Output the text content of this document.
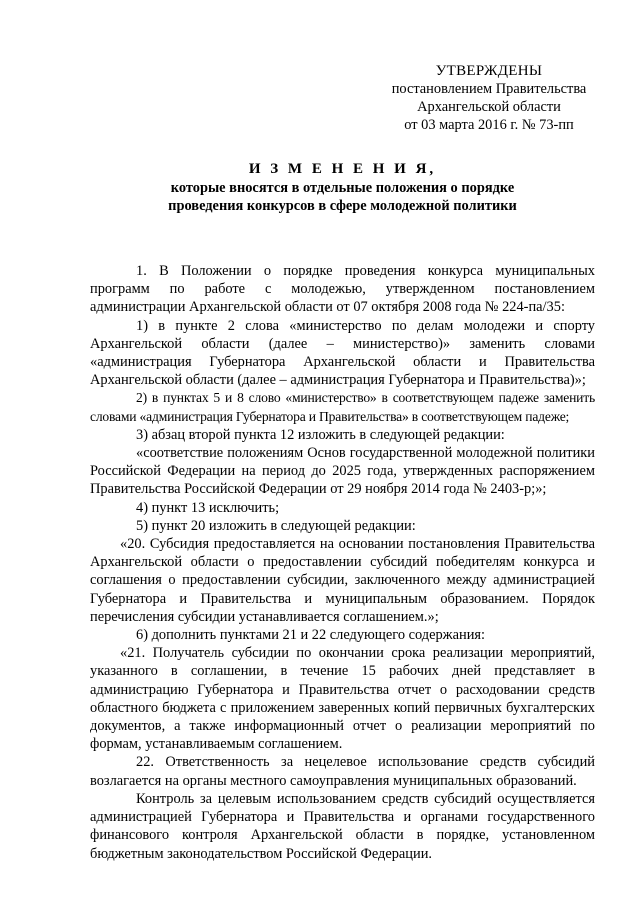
УТВЕРЖДЕНЫ
постановлением Правительства
Архангельской области
от 03 марта 2016 г. № 73-пп
И З М Е Н Е Н И Я,
которые вносятся в отдельные положения о порядке
проведения конкурсов в сфере молодежной политики

1. В Положении о порядке проведения конкурса муниципальных программ по работе с молодежью, утвержденном постановлением администрации Архангельской области от 07 октября 2008 года № 224-па/35:

1) в пункте 2 слова «министерство по делам молодежи и спорту Архангельской области (далее – министерство)» заменить словами «администрация Губернатора Архангельской области и Правительства Архангельской области (далее – администрация Губернатора и Правительства)»;

2) в пунктах 5 и 8 слово «министерство» в соответствующем падеже заменить словами «администрация Губернатора и Правительства» в соответствующем падеже;

3) абзац второй пункта 12 изложить в следующей редакции:

«соответствие положениям Основ государственной молодежной политики Российской Федерации на период до 2025 года, утвержденных распоряжением Правительства Российской Федерации от 29 ноября 2014 года № 2403-р;»;

4) пункт 13 исключить;

5) пункт 20 изложить в следующей редакции:

«20. Субсидия предоставляется на основании постановления Правительства Архангельской области о предоставлении субсидий победителям конкурса и соглашения о предоставлении субсидии, заключенного между администрацией Губернатора и Правительства и муниципальным образованием. Порядок перечисления субсидии устанавливается соглашением.»;

6) дополнить пунктами 21 и 22 следующего содержания:

«21. Получатель субсидии по окончании срока реализации мероприятий, указанного в соглашении, в течение 15 рабочих дней представляет в администрацию Губернатора и Правительства отчет о расходовании средств областного бюджета с приложением заверенных копий первичных бухгалтерских документов, а также информационный отчет о реализации мероприятий по формам, устанавливаемым соглашением.

22. Ответственность за нецелевое использование средств субсидий возлагается на органы местного самоуправления муниципальных образований.

Контроль за целевым использованием средств субсидий осуществляется администрацией Губернатора и Правительства и органами государственного финансового контроля Архангельской области в порядке, установленном бюджетным законодательством Российской Федерации.
